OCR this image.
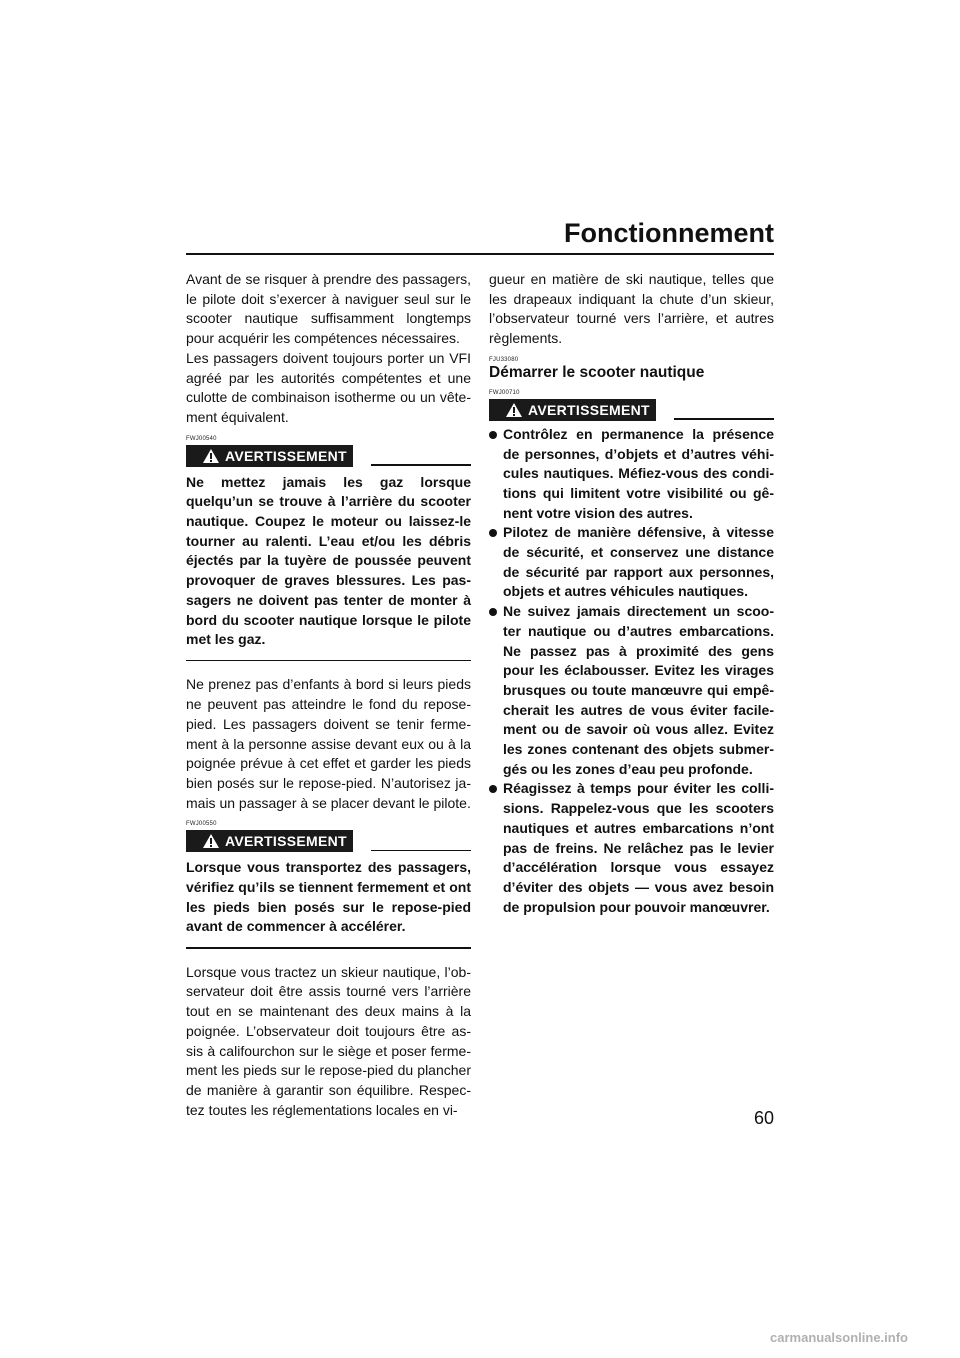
Fonctionnement

Avant de se risquer à prendre des passagers, le pilote doit s’exercer à naviguer seul sur le scooter nautique suffisamment longtemps pour acquérir les compétences nécessaires.

Les passagers doivent toujours porter un VFI agréé par les autorités compétentes et une culotte de combinaison isotherme ou un vête-ment équivalent.

FWJ00540
AVERTISSEMENT

Ne mettez jamais les gaz lorsque quelqu’un se trouve à l’arrière du scooter nautique. Coupez le moteur ou laissez-le tourner au ralenti. L’eau et/ou les débris éjectés par la tuyère de poussée peuvent provoquer de graves blessures. Les pas-sagers ne doivent pas tenter de monter à bord du scooter nautique lorsque le pilote met les gaz.

Ne prenez pas d’enfants à bord si leurs pieds ne peuvent pas atteindre le fond du repose-pied. Les passagers doivent se tenir ferme-ment à la personne assise devant eux ou à la poignée prévue à cet effet et garder les pieds bien posés sur le repose-pied. N’autorisez ja-mais un passager à se placer devant le pilote.

FWJ00550
AVERTISSEMENT

Lorsque vous transportez des passagers, vérifiez qu’ils se tiennent fermement et ont les pieds bien posés sur le repose-pied avant de commencer à accélérer.

Lorsque vous tractez un skieur nautique, l’ob-servateur doit être assis tourné vers l’arrière tout en se maintenant des deux mains à la poignée. L’observateur doit toujours être as-sis à califourchon sur le siège et poser ferme-ment les pieds sur le repose-pied du plancher de manière à garantir son équilibre. Respec-tez toutes les réglementations locales en vi-

gueur en matière de ski nautique, telles que les drapeaux indiquant la chute d’un skieur, l’observateur tourné vers l’arrière, et autres règlements.

FJU33080
Démarrer le scooter nautique
FWJ00710
AVERTISSEMENT
Contrôlez en permanence la présence de personnes, d’objets et d’autres véhi-cules nautiques. Méfiez-vous des condi-tions qui limitent votre visibilité ou gê-nent votre vision des autres.
Pilotez de manière défensive, à vitesse de sécurité, et conservez une distance de sécurité par rapport aux personnes, objets et autres véhicules nautiques.
Ne suivez jamais directement un scoo-ter nautique ou d’autres embarcations. Ne passez pas à proximité des gens pour les éclabousser. Evitez les virages brusques ou toute manœuvre qui empê-cherait les autres de vous éviter facile-ment ou de savoir où vous allez. Evitez les zones contenant des objets submer-gés ou les zones d’eau peu profonde.
Réagissez à temps pour éviter les colli-sions. Rappelez-vous que les scooters nautiques et autres embarcations n’ont pas de freins. Ne relâchez pas le levier d’accélération lorsque vous essayez d’éviter des objets — vous avez besoin de propulsion pour pouvoir manœuvrer.
60
carmanualsonline.info
